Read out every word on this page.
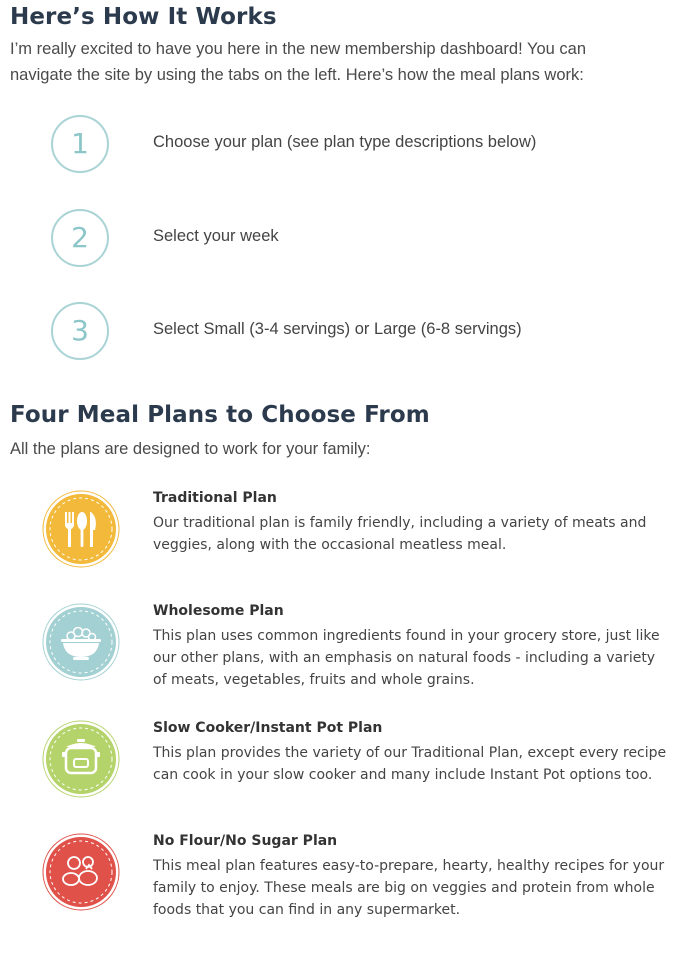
Here’s How It Works

I’m really excited to have you here in the new membership dashboard! You can navigate the site by using the tabs on the left. Here’s how the meal plans work:

1	Choose your plan (see plan type descriptions below)
2	Select your week
3	Select Small (3-4 servings) or Large (6-8 servings)
Four Meal Plans to Choose From

All the plans are designed to work for your family:

Traditional Plan
Our traditional plan is family friendly, including a variety of meats and veggies, along with the occasional meatless meal.
Wholesome Plan
This plan uses common ingredients found in your grocery store, just like our other plans, with an emphasis on natural foods - including a variety of meats, vegetables, fruits and whole grains.
Slow Cooker/Instant Pot Plan
This plan provides the variety of our Traditional Plan, except every recipe can cook in your slow cooker and many include Instant Pot options too.
No Flour/No Sugar Plan
This meal plan features easy-to-prepare, hearty, healthy recipes for your family to enjoy. These meals are big on veggies and protein from whole foods that you can find in any supermarket.
